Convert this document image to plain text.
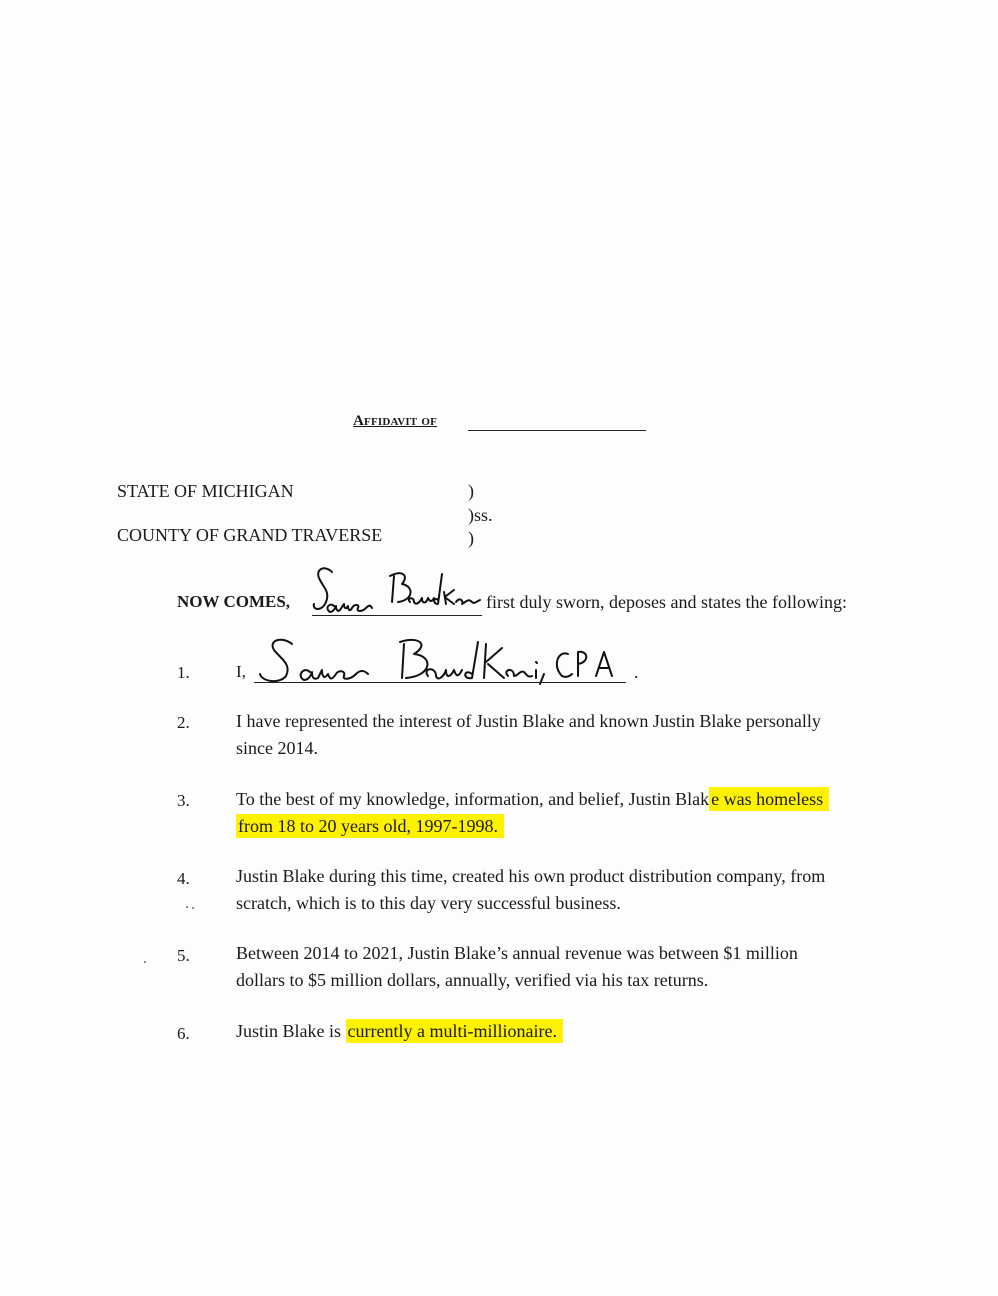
Affidavit of
STATE OF MICHIGAN
COUNTY OF GRAND TRAVERSE
)
)ss.
)
NOW COMES,	first duly sworn, deposes and states the following:
1.	I,	.
2.	I have represented the interest of Justin Blake and known Justin Blake personally
since 2014.
3.	To the best of my knowledge, information, and belief, Justin Blak e was homeless
from 18 to 20 years old, 1997-1998.
4.	Justin Blake during this time, created his own product distribution company, from
scratch, which is to this day very successful business.
5.	Between 2014 to 2021, Justin Blake’s annual revenue was between $1 million
dollars to $5 million dollars, annually, verified via his tax returns.
6.	Justin Blake is currently a multi-millionaire.
